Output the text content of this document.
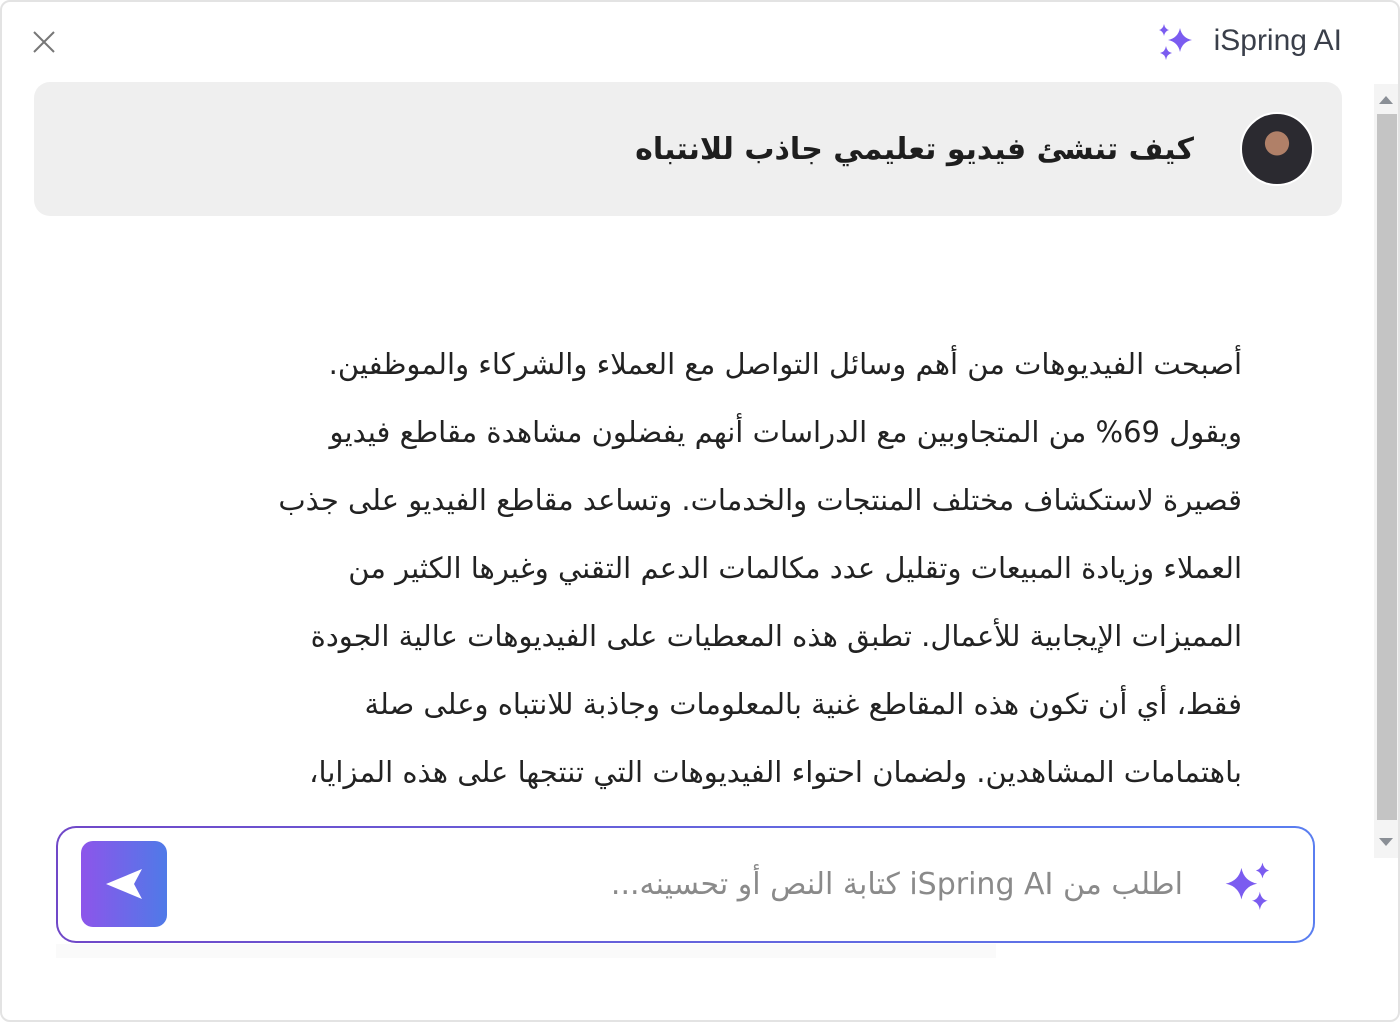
iSpring AI
كيف تنشئ فيديو تعليمي جاذب للانتباه
أصبحت الفيديوهات من أهم وسائل التواصل مع العملاء والشركاء والموظفين.
ويقول 69% من المتجاوبين مع الدراسات أنهم يفضلون مشاهدة مقاطع فيديو
قصيرة لاستكشاف مختلف المنتجات والخدمات. وتساعد مقاطع الفيديو على جذب
العملاء وزيادة المبيعات وتقليل عدد مكالمات الدعم التقني وغيرها الكثير من
المميزات الإيجابية للأعمال. تطبق هذه المعطيات على الفيديوهات عالية الجودة
فقط، أي أن تكون هذه المقاطع غنية بالمعلومات وجاذبة للانتباه وعلى صلة
باهتمامات المشاهدين. ولضمان احتواء الفيديوهات التي تنتجها على هذه المزايا،
اطلب من iSpring AI كتابة النص أو تحسينه...
